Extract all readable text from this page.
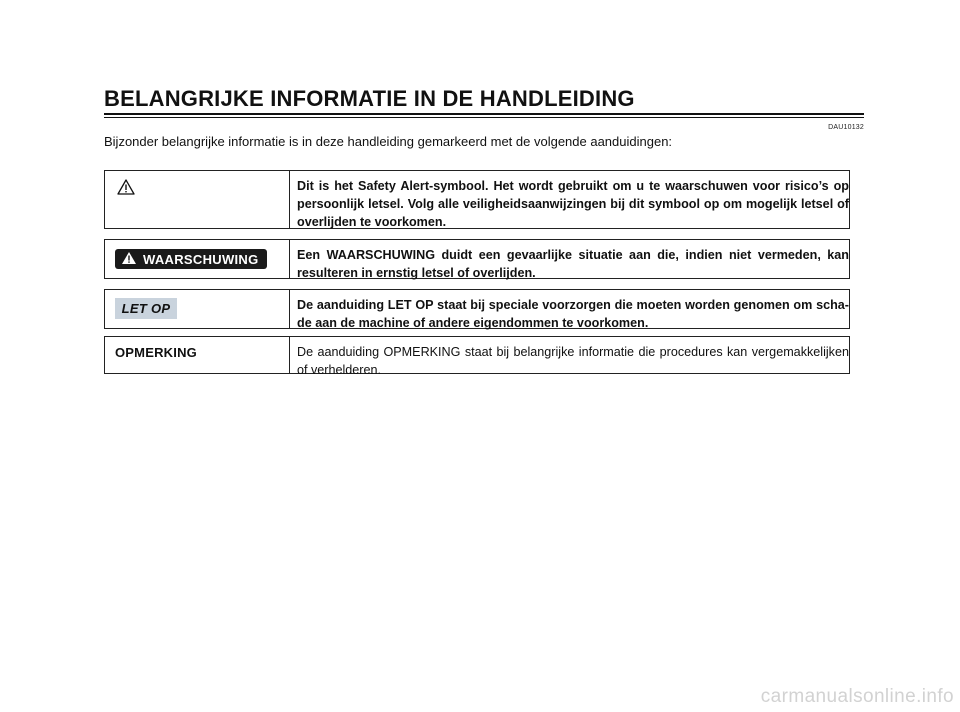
BELANGRIJKE INFORMATIE IN DE HANDLEIDING
DAU10132
Bijzonder belangrijke informatie is in deze handleiding gemarkeerd met de volgende aanduidingen:
Dit is het Safety Alert-symbool. Het wordt gebruikt om u te waarschuwen voor risico’s op persoonlijk letsel. Volg alle veiligheidsaanwijzingen bij dit symbool op om mogelijk letsel of overlijden te voorkomen.
WAARSCHUWING	Een WAARSCHUWING duidt een gevaarlijke situatie aan die, indien niet vermeden, kan resulteren in ernstig letsel of overlijden.
LET OP	De aanduiding LET OP staat bij speciale voorzorgen die moeten worden genomen om scha-de aan de machine of andere eigendommen te voorkomen.
OPMERKING	De aanduiding OPMERKING staat bij belangrijke informatie die procedures kan vergemakkelijken of verhelderen.
carmanualsonline.info
